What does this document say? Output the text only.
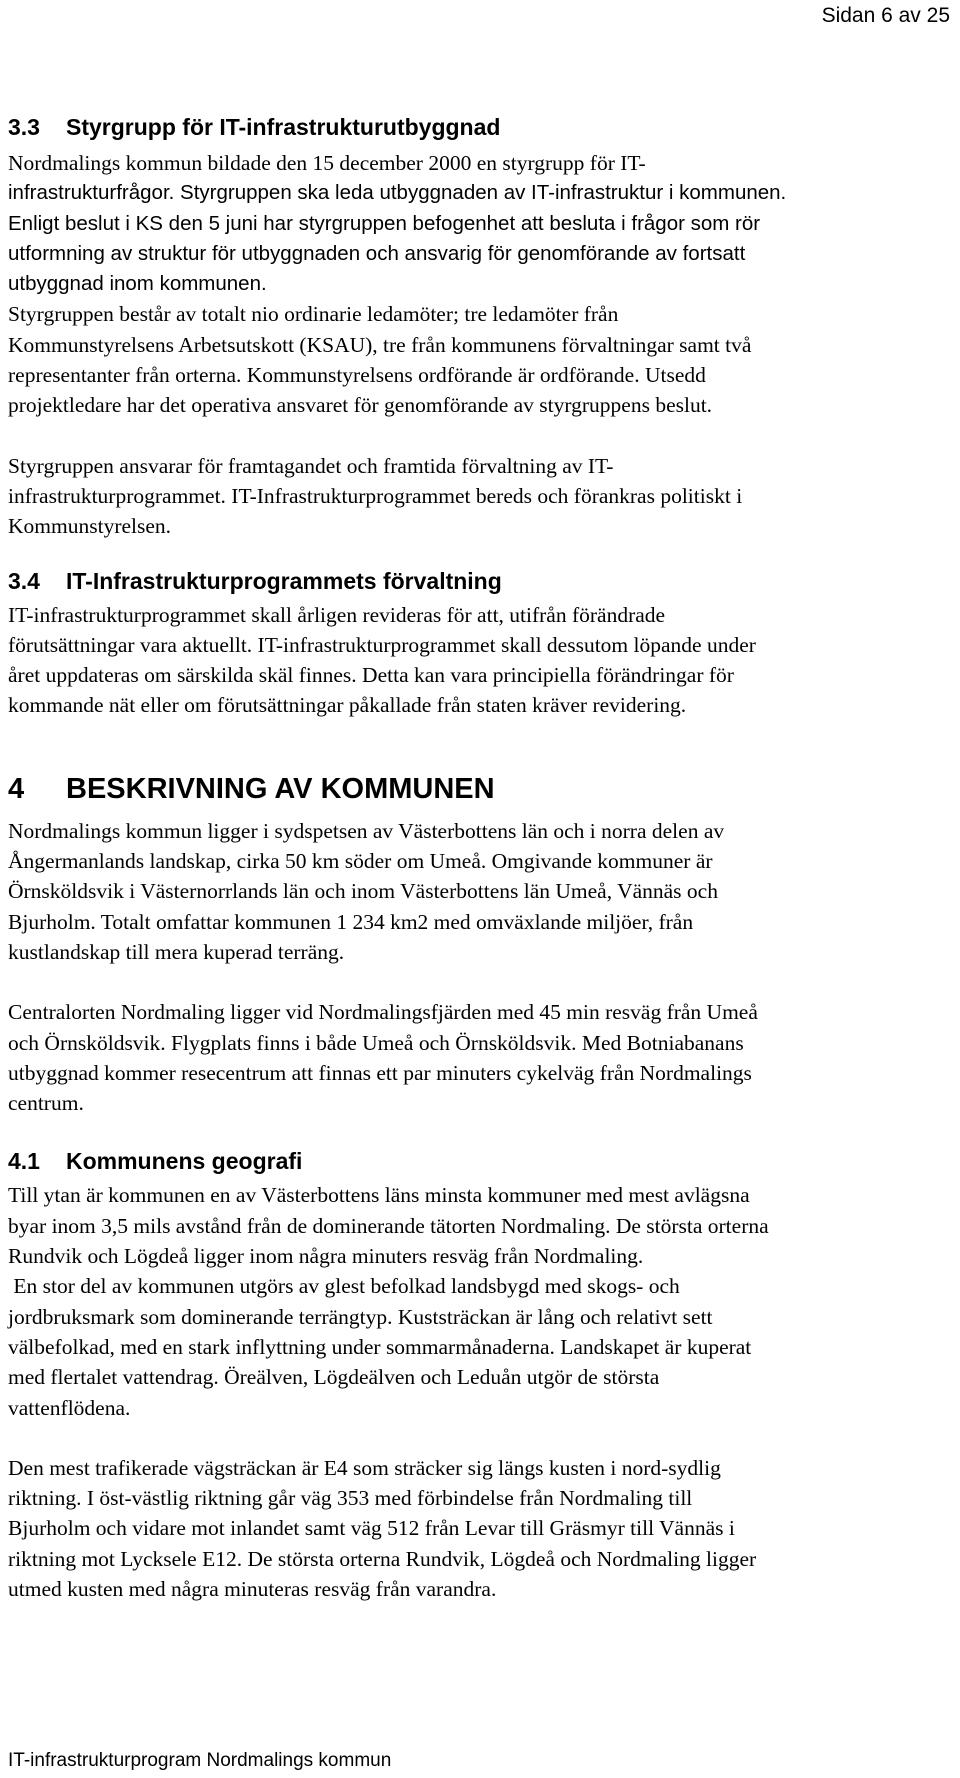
Sidan 6 av 25
3.3	Styrgrupp för IT-infrastrukturutbyggnad

Nordmalings kommun bildade den 15 december 2000 en styrgrupp för IT-
infrastrukturfrågor. Styrgruppen ska leda utbyggnaden av IT-infrastruktur i kommunen.
Enligt beslut i KS den 5 juni har styrgruppen befogenhet att besluta i frågor som rör
utformning av struktur för utbyggnaden och ansvarig för genomförande av fortsatt
utbyggnad inom kommunen.

Styrgruppen består av totalt nio ordinarie ledamöter; tre ledamöter från
Kommunstyrelsens Arbetsutskott (KSAU), tre från kommunens förvaltningar samt två
representanter från orterna. Kommunstyrelsens ordförande är ordförande. Utsedd
projektledare har det operativa ansvaret för genomförande av styrgruppens beslut.

Styrgruppen ansvarar för framtagandet och framtida förvaltning av IT-
infrastrukturprogrammet. IT-Infrastrukturprogrammet bereds och förankras politiskt i
Kommunstyrelsen.

3.4	IT-Infrastrukturprogrammets förvaltning

IT-infrastrukturprogrammet skall årligen revideras för att, utifrån förändrade
förutsättningar vara aktuellt. IT-infrastrukturprogrammet skall dessutom löpande under
året uppdateras om särskilda skäl finnes. Detta kan vara principiella förändringar för
kommande nät eller om förutsättningar påkallade från staten kräver revidering.

4	BESKRIVNING AV KOMMUNEN

Nordmalings kommun ligger i sydspetsen av Västerbottens län och i norra delen av
Ångermanlands landskap, cirka 50 km söder om Umeå. Omgivande kommuner är
Örnsköldsvik i Västernorrlands län och inom Västerbottens län Umeå, Vännäs och
Bjurholm. Totalt omfattar kommunen 1 234 km2 med omväxlande miljöer, från
kustlandskap till mera kuperad terräng.

Centralorten Nordmaling ligger vid Nordmalingsfjärden med 45 min resväg från Umeå
och Örnsköldsvik. Flygplats finns i både Umeå och Örnsköldsvik. Med Botniabanans
utbyggnad kommer resecentrum att finnas ett par minuters cykelväg från Nordmalings
centrum.

4.1	Kommunens geografi

Till ytan är kommunen en av Västerbottens läns minsta kommuner med mest avlägsna
byar inom 3,5 mils avstånd från de dominerande tätorten Nordmaling. De största orterna
Rundvik och Lögdeå ligger inom några minuters resväg från Nordmaling.
En stor del av kommunen utgörs av glest befolkad landsbygd med skogs- och
jordbruksmark som dominerande terrängtyp. Kuststräckan är lång och relativt sett
välbefolkad, med en stark inflyttning under sommarmånaderna. Landskapet är kuperat
med flertalet vattendrag. Öreälven, Lögdeälven och Leduån utgör de största
vattenflödena.

Den mest trafikerade vägsträckan är E4 som sträcker sig längs kusten i nord-sydlig
riktning. I öst-västlig riktning går väg 353 med förbindelse från Nordmaling till
Bjurholm och vidare mot inlandet samt väg 512 från Levar till Gräsmyr till Vännäs i
riktning mot Lycksele E12. De största orterna Rundvik, Lögdeå och Nordmaling ligger
utmed kusten med några minuteras resväg från varandra.

IT-infrastrukturprogram Nordmalings kommun
